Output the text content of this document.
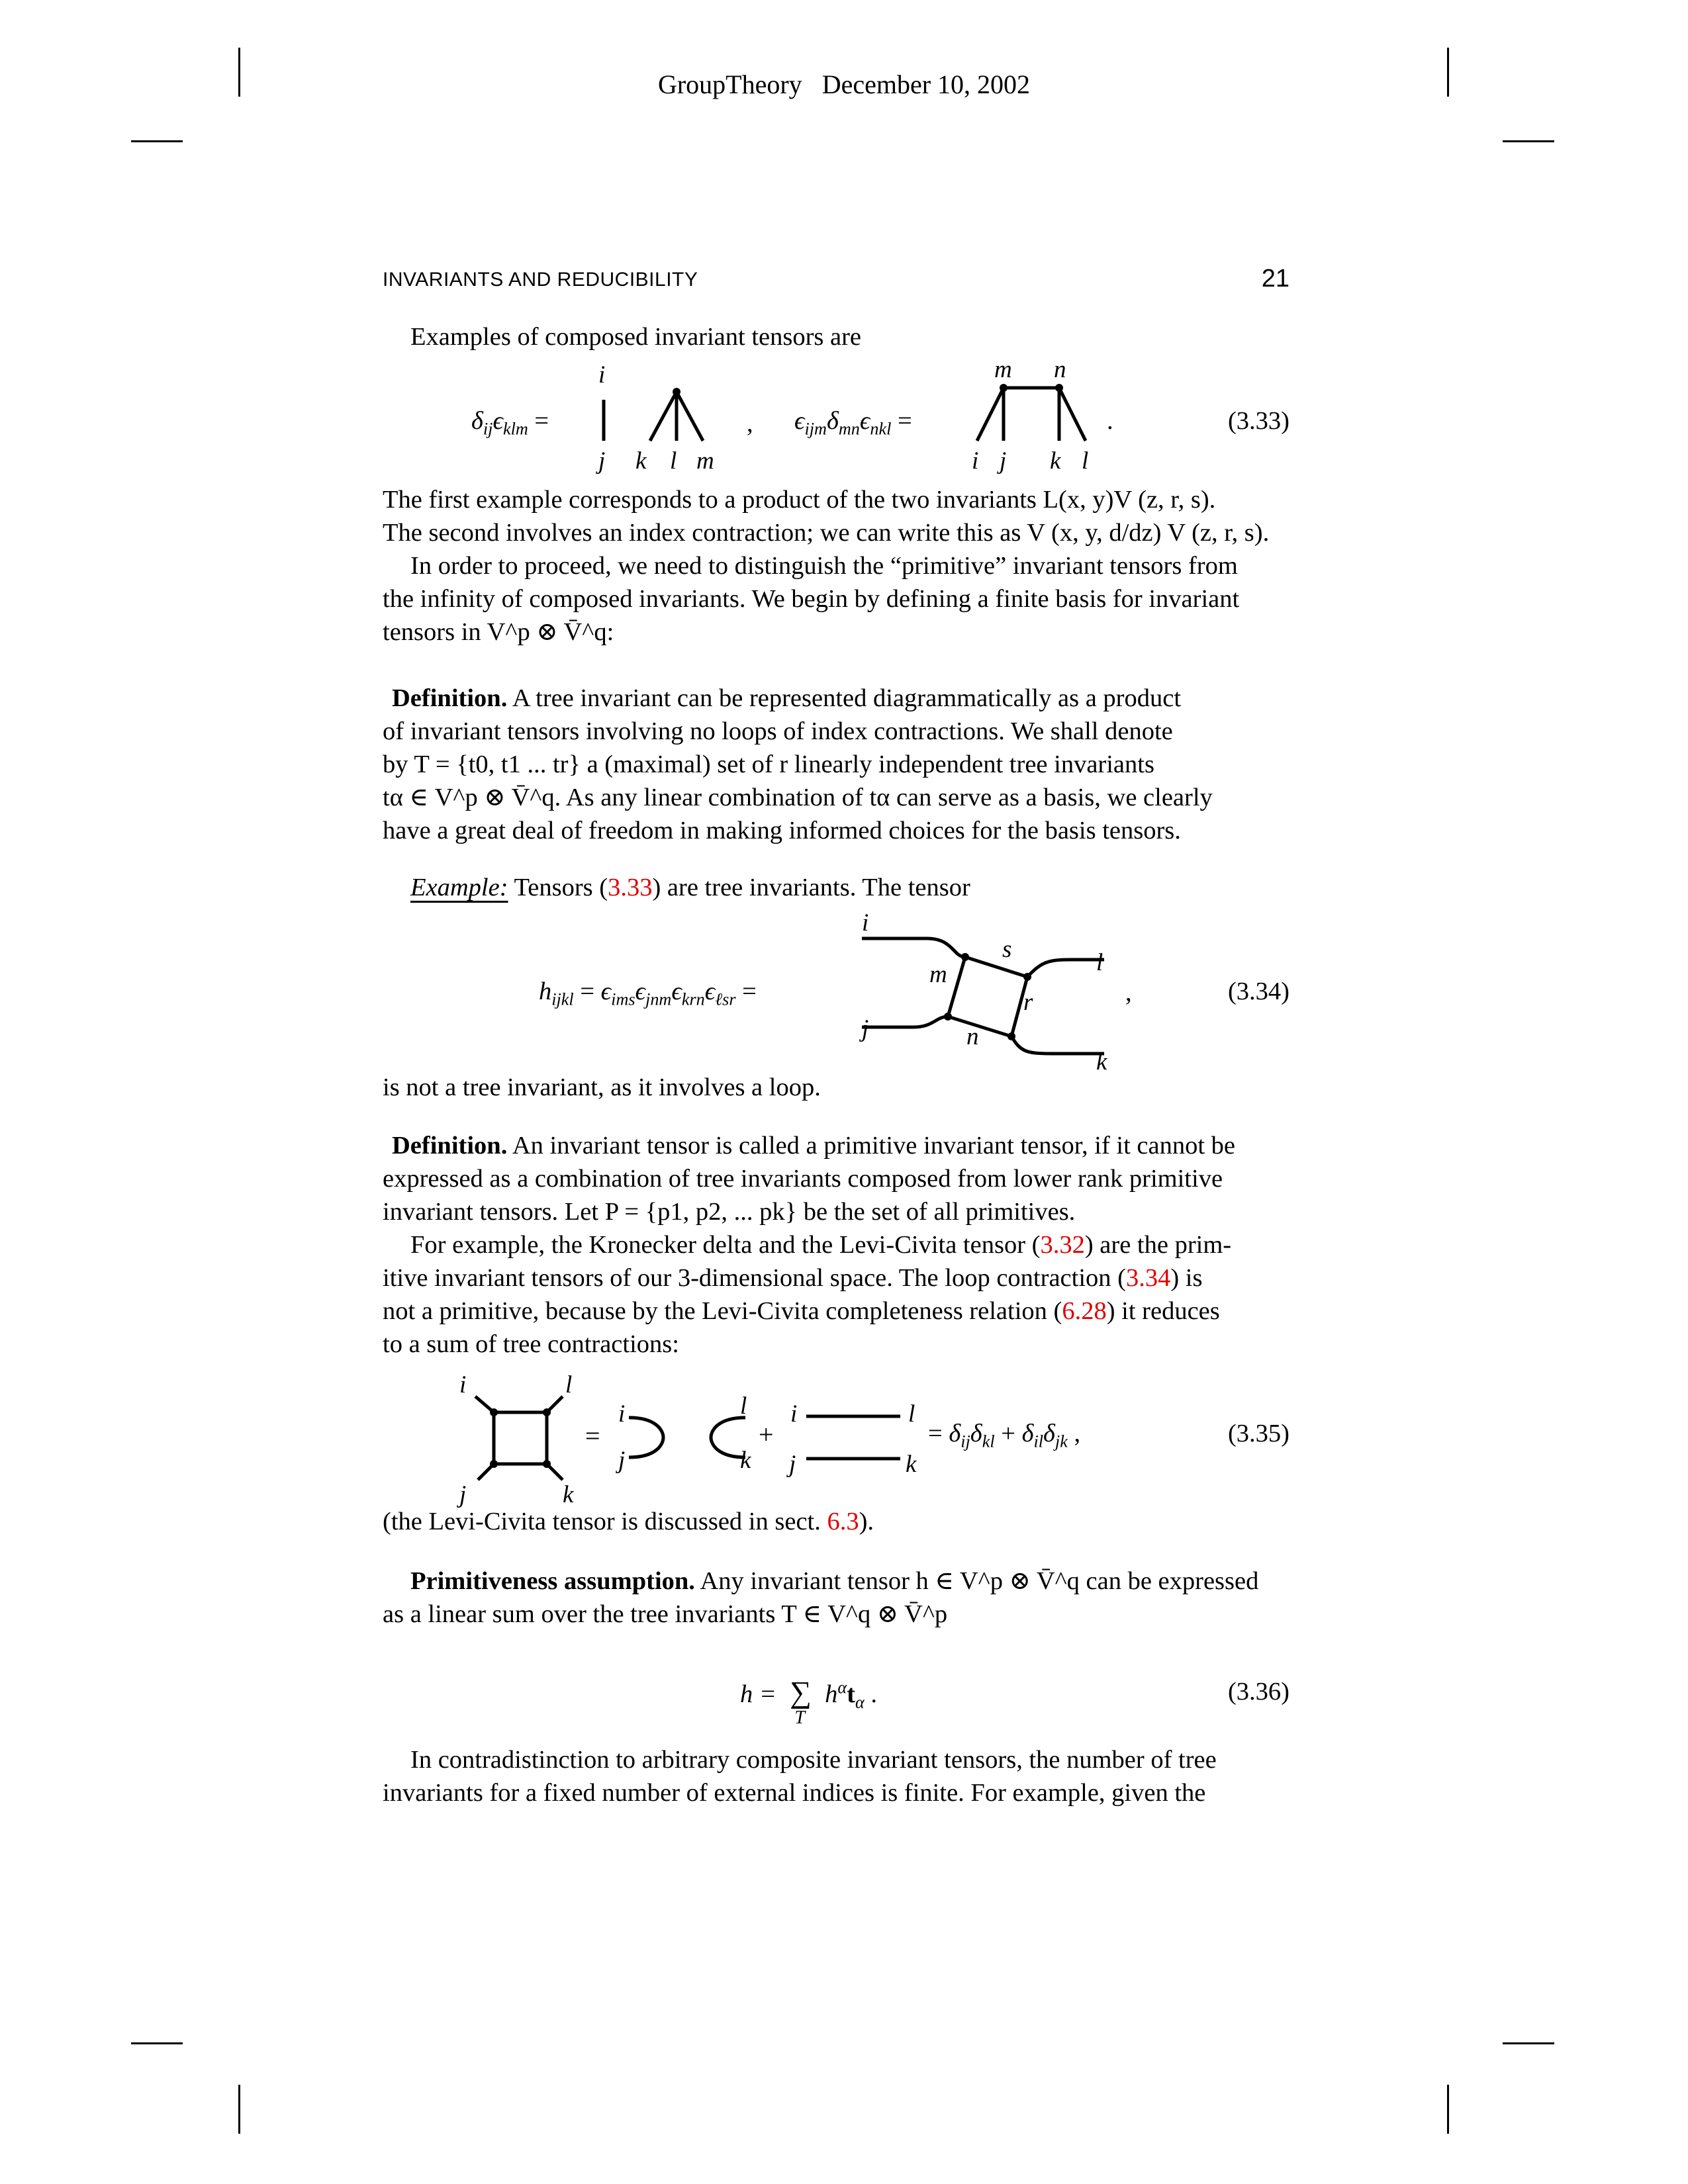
GroupTheory December 10, 2002
INVARIANTS AND REDUCIBILITY	21
Examples of composed invariant tensors are
$\delta_{ij}\epsilon_{klm}$ =	, $\epsilon_{ijm}\delta_{mn}\epsilon_{nkl}$ =	.	(3.33)
i
j k l m
m n
i j k l
The first example corresponds to a product of the two invariants L(x, y)V (z, r, s).
The second involves an index contraction; we can write this as V (x, y, d/dz) V (z, r, s).
In order to proceed, we need to distinguish the “primitive” invariant tensors from
the infinity of composed invariants. We begin by defining a finite basis for invariant
tensors in V^p ⊗ V̄^q:
Definition. A tree invariant can be represented diagrammatically as a product
of invariant tensors involving no loops of index contractions. We shall denote
by T = {t0, t1 ... tr} a (maximal) set of r linearly independent tree invariants
tα ∈ V^p ⊗ V̄^q. As any linear combination of tα can serve as a basis, we clearly
have a great deal of freedom in making informed choices for the basis tensors.
Example: Tensors (3.33) are tree invariants. The tensor
$h_{ijkl} = \epsilon_{ims}\epsilon_{jnm}\epsilon_{krn}\epsilon_{\ell sr}$ =	,	(3.34)
i
s	l
m
r
j	n
k
is not a tree invariant, as it involves a loop.
Definition. An invariant tensor is called a primitive invariant tensor, if it cannot be
expressed as a combination of tree invariants composed from lower rank primitive
invariant tensors. Let P = {p1, p2, ... pk} be the set of all primitives.
For example, the Kronecker delta and the Levi-Civita tensor (3.32) are the prim-
itive invariant tensors of our 3-dimensional space. The loop contraction (3.34) is
not a primitive, because by the Levi-Civita completeness relation (6.28) it reduces
to a sum of tree contractions:
i	l
j	k
=
i
j
l
k
+
i	l
j	k
= $\delta_{ij}\delta_{kl} + \delta_{il}\delta_{jk}$ ,	(3.35)
(the Levi-Civita tensor is discussed in sect. 6.3).
Primitiveness assumption. Any invariant tensor h ∈ V^p ⊗ V̄^q can be expressed
as a linear sum over the tree invariants T ∈ V^q ⊗ V̄^p
h = ∑
T
$h^\alpha t_\alpha$ .	(3.36)
In contradistinction to arbitrary composite invariant tensors, the number of tree
invariants for a fixed number of external indices is finite. For example, given the
